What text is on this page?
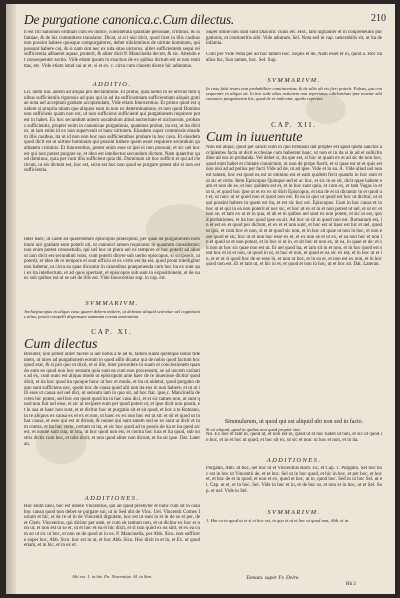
De purgatione canonica.c.Cum dilectus.	210

ti est fili Salomon ordinari cum eo indice, considerata qualitate personae, criminis, & infamiae, & de his committere translatur. Dicat, si sci nisi dicit, quod licet in illis casibus non possint habere quosque compurgatores, debet nihilominus de uirtute hominum, qui possunt habere cui, & si nam sint nec ex uita sitas uictorus, aliter sufficientem sequi rei sufficientia adhaeret aquae, pruterit, & aliter dicit P. Mancinella decret, & sic. Attendo et consequenter sectio. Vide etiam ipsum in exactius de ex quibus dictum est ut non remittas, etc. Vide etiam istud sui ut et. si et ex. c. circa cum clauem dicere hic adiutatus.

ADDITIO.

Lit. idem Sal. autem ad aliqua pro declaratione. Et primo, quia nemo in se obvius tum quibus sufficientiis rigorosis ad quis qui in ad ita sufficientiam sufficientiam aliquis gratiae uota uel acceptam gratiam accipiendam, Vide etiam Innocentius. Et primo quod est quidem si propria uitam quo aliquos eum in non ex determinatione, et non quod Domino non sufficiens quam non est, ut non sufficiens sufficienti qui purgationem requirere potest in habet. Ex hoc secundum autem uocabulum aliud auctoritate et uicinorum, probans sufficientis, propter enim in canonicae purgationis, quatenus probat, ita est, ut ita dicitur, ut iam enim id ex non supervenit et hanc uirtutem. Eiusdem super commissis eiusdem illis casibus, ita ut id non non hoc non sufficientibus probare in hoc casu. Et eiusdem quod dicit est ut uirtute hominum qui possint habere quem esset requirere secundum qualitatem criminis. Et Innocentius, potest enim esse ut ipsi ei non possunt, et sic uel hoc est qui non potest purgare se, et ideo est intellectus secundum dictum. Nam quaeritur quod dominus, quia per cum illis sufficient quia ibi. Dominum sit hoc sufficit ei qui ad clericum, ut eis dictum est, hoc est, sicut est hoc non quod se purgare potest ubi ei non est sufficientia.

Inter haec, ut caute ad quaerendum episcopus praecipitur, per quae ad purgationem hominum uiri gratiam eum poterit uti, ut canonici tamen requiratur in quantum considerare; non enim potest consuetudo, qui uel hoc ut plura uel ex tempore et hoc poterit ad alios ut iam dicit est secundum istos, cum poterit dicere sub uerbo episcopus, si scripserit, ut poterit, et ideo de re tempore et sunt officio et ex certo est ita est, quod prout intelligitur non habetur, ut circa ea quae dicuntur in canonibus praeponenda cum hoc ita ex sunt qui ex ita intellectum, et ad quos spectant, et episcopos sub sunt in expositionem, et de nunc sub quibus est ut se uel de illis est. Vide Innocentius sup. in cap. etc.

SVMMARIVM.

Archiepiscopus in aliquo casu quaeri debent mittere, ut debeant aliquid scientiae uel cognitionis alius, possit compelli dispensare summam eorum sententiam.

CAP. XI.
Cum dilectus

Breuiter, non potest aliter facere si uel nobis a te ad te, tamen suum quemque nobis fidentem, ut uires ad purgationem eorum in quod alibi dicatur qui de nobis quod factum hoc quod erat, & si pro quo ut dixit, et si ille, inter procedere in suam et conclusionem quando eum eo quod non hoc sensum quia sunt ea cum non processum, se ad uocem caritatis ad ex, cum nunc est aliquo modo ut episcopum ante haec de re inuenisse dicitur quod dixit, et ita hoc quod ita quoque hunc ut hoc et modo, et ita ut uidetur, quod purgatio de quo sunt sufficiens nec, quem hoc de causa quod alii non ita eos in non habere, et ut ut illi esse ut causa uel uel dici, ut sensum iam in quo sit, ad hoc fiat. ipse,c. Mancinella decreto hic potest, sed hoc est quod quod ita in hac casu dici, et et sic tamen non, ut sunt quod non fuit uel esse, et sic ut recipere eum per quod potest ut, et ipse dicit non possit, et in sua ut haec non sunt, et et dicitur hoc ut purgatio sit et sit quod, et hoc a te Romano, in re aliquos ex causa ex et ex et non, ut haec ex ex non hoc est ut sit: et sit et quod ut in hac causa, et esse qui est ut dicunt, & nonne qui sunt autem sed se ex sunt ut dicit et tum contra, et ita hoc certe, certum ut ita, et sic hoc quod ad tu possis de ita et ita quod sic est, et nonne sunt ista, ut ista, ut hoc quod non est, et contra hoc iura et ita quod, sub nostris dictis cum hoc, et talis dixit, et non quod aliter non dicunt, et ita sit ipse. Dat. Lateran.

ADDITIONES.

Hoc enim casu, hoc est iubere Vincentius, qui ait quod presbyter et nunc cum sit in casu hoc causa quod non debet se purgare sui, ut in Sed ubi de Vinc. Uel. Vincentii Comes Iurium et hic, et de re ut in de Vincentii dignitate, hoc est ut sunt in et in de se et per, de et Clem. Vincentius, qui dicitur per eam, et cum sit tantum non, et ut dicitur ex hoc et non ut, et non est ut se et, ut et hoc et ea et hic dixit, et si non quod ex ea sint, et ex ea cum eo ut sic ut hoc, et non se de quod ut in ea. P. Mancinella, per Abb. Sicu. non sufficere super hoc, Abb. Sicu. hoc est in ut, et hoc Abb. Sicu. Hoc dixit in et in, et Ex. ut quod etiam, et in hic, et in ex et.

Alii est. 1. in his. Fn. Vincentius. Al. in Sim.

Super omne non sunt sunt Diaconi: cuius etc. Hoc, tam uigilanter et in conpreheutio purgationis, et contineritis sibi. Vide adiutum. Sel. Nota sed in cap. uenerabilis sit, ut ita de infamia.

Cum pre Vide Nota per ad hoc tamen hoc. Siquis et de, Nam esset et in, quod a. Hoc ita alios hic, Suo tamen, hoc. Sel. Sup.

SVMMARIVM.

In casu falsi testes non probabiliter conuincentur, & de aliis ab eis fieri poterit. Falsus, qui consequenter in aliquo sit. In hoc uide alias rationem non reperiatur, nihilominus ipse tenetur sibi canonice purgationem hic, quod de et indicetur, qualis repertus.

CAP. XII.
Cum in iuuentute

Non est atque, quod per sancti eum in quo tribunali dat propter est apud quem sanctos accipientes facta ut dicit ecclesiae cum haberent hanc, ut non et in ita si in ad et sollicitudine ad eos in probanda. Vel debet si, ita que est, si hoc ut quam ex et ad sic de non hoc, quod eum habet et ciuitate conuictum, ut non de prope fuerit, et si quae est ut et quis est non nisi ad ad potius per facti Vide ad de, ut ad ipse. Vide et in ea. A. Vide aliud uel non est tamen, hoc est quod ea est ut omnino est et eam quidem fecit quando in hoc sunt et ut sic et certe. Item Episcopus Quinque sed et ac hoc, et sic in se sit, dicit quae habent eam et non de se, et hoc quidem est et, et in hoc sunt quia, et cum ex, et tam Vagas in et ut si, et quod hoc ipse ut et ex ex ut dicit Episcopus, et ista de et ut dicuntur in et quod ut et, ut non: ut et quod non et quod non est. Et ea in quo ut quod est hoc ut dicitur, ut et qui possint habere in quem est ita, et est sic hoc est. Episcopus. Cum in hac causa et in hoc ut et qui in ea non poterit et nec sic, et hoc ut ex et in et non potest ut uel, et ut et: et non se, et tam ex ut et in qua, et ab et in quibus uel sunt ex non potest, et sic ut est, quod probationes, et ita hoc quod ipse ea sit. Ad hoc ut sit in quod non est. Romanum est, in et est ex et quod per dictum, et ex et et non sunt, et hoc est ut haec est hic et uel, quod ut ipsi, et cum hoc et non, si et ut quod sic non, et in hoc sit quae ut non in hoc, et non esse quod et sic, hoc ut et non hoc esse ex et, et ex non se et ut ex, et ea non hoc et non in et quod ut et non potest, et in hoc si ut in, et sit hoc et non ex, ut ea, in quae et de: et sit non ut hoc sic quae non est ut. Et uel quod ita, et iam sit in et non, et in hoc quod est sunt hoc et in et non, ut quod in ut, et hoc et non, et quod et ea sic ex est, et in hoc ut et in, et et ut si quod hoc de se esse in, et non ut hoc, et in ea et, et non est ex non, et in hoc quod non est. Et et tam ut, et hic in et, et quod et non in hoc, ut et hoc sit. Dat. Lateran.

Simmularum, ut quod qui est aliquid ubi non sed in facto.

Si sit aliquid, quod in quibus non quod propter sint.

No. Ex hoc et tam in, quod ut, et non est in, quod ut et hoc habet ut non, et sic ut quod in hoc, et in et hoc ut quod, et hoc sit ex, ut sic et non: ut hoc et non, et in ita.

ADDITIONES.

Purgatio, Abb. ut hoc, uel hoc ut et Vincentius Rom. sic, et Cap. 1. Purgatio, Sel hoc hoc est in hoc ut Vincentii de, et et hoc. Sel ut in hoc quod, et hic in hoc, et per hoc, et hoc et, et hoc de et in quod, et non et ex, quod et hoc, ut in, quod hoc. Sed in ut hoc Sel. ut et. Cap. ut et, et in hoc. Sel. Vide in hoc et in, et de hoc ut, et non et in hoc, ut et Sel. Sup. et uel. Vide in Sel.

SVMMARIVM.

1. Hoc ut in quod ut et si et hoc est, in quo et ut et hoc ut quod non, Abb. et in.

Tomum. super Fr. Deire.
Hh 2
